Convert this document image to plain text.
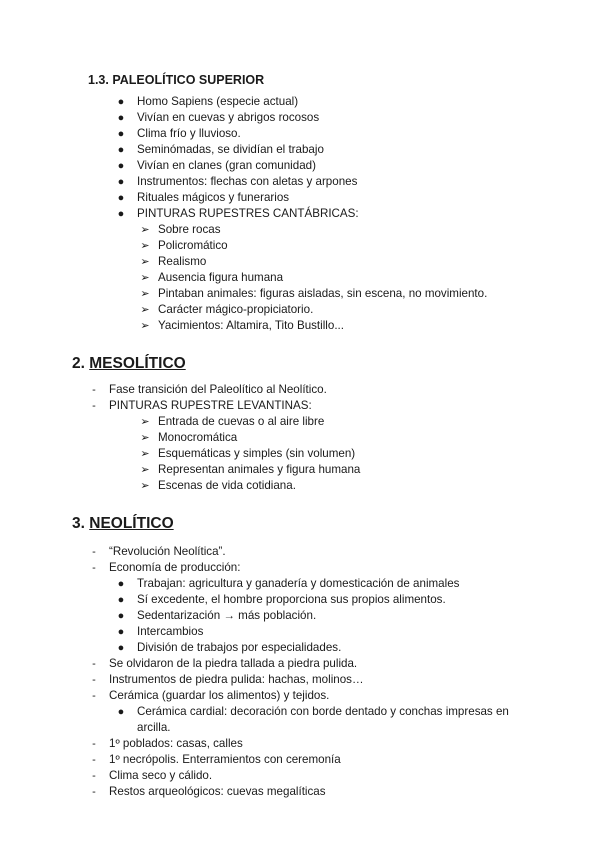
1.3. PALEOLÍTICO SUPERIOR
● Homo Sapiens (especie actual)
● Vivían en cuevas y abrigos rocosos
● Clima frío y lluvioso.
● Seminómadas, se dividían el trabajo
● Vivían en clanes (gran comunidad)
● Instrumentos: flechas con aletas y arpones
● Rituales mágicos y funerarios
● PINTURAS RUPESTRES CANTÁBRICAS:
➢ Sobre rocas
➢ Policromático
➢ Realismo
➢ Ausencia figura humana
➢ Pintaban animales: figuras aisladas, sin escena, no movimiento.
➢ Carácter mágico-propiciatorio.
➢ Yacimientos: Altamira, Tito Bustillo...
2. MESOLÍTICO
- Fase transición del Paleolítico al Neolítico.
- PINTURAS RUPESTRE LEVANTINAS:
➢ Entrada de cuevas o al aire libre
➢ Monocromática
➢ Esquemáticas y simples (sin volumen)
➢ Representan animales y figura humana
➢ Escenas de vida cotidiana.
3. NEOLÍTICO
- “Revolución Neolítica”.
- Economía de producción:
● Trabajan: agricultura y ganadería y domesticación de animales
● Sí excedente, el hombre proporciona sus propios alimentos.
● Sedentarización → más población.
● Intercambios
● División de trabajos por especialidades.
- Se olvidaron de la piedra tallada a piedra pulida.
- Instrumentos de piedra pulida: hachas, molinos…
- Cerámica (guardar los alimentos) y tejidos.
● Cerámica cardial: decoración con borde dentado y conchas impresas en
arcilla.
- 1º poblados: casas, calles
- 1º necrópolis. Enterramientos con ceremonía
- Clima seco y cálido.
- Restos arqueológicos: cuevas megalíticas
